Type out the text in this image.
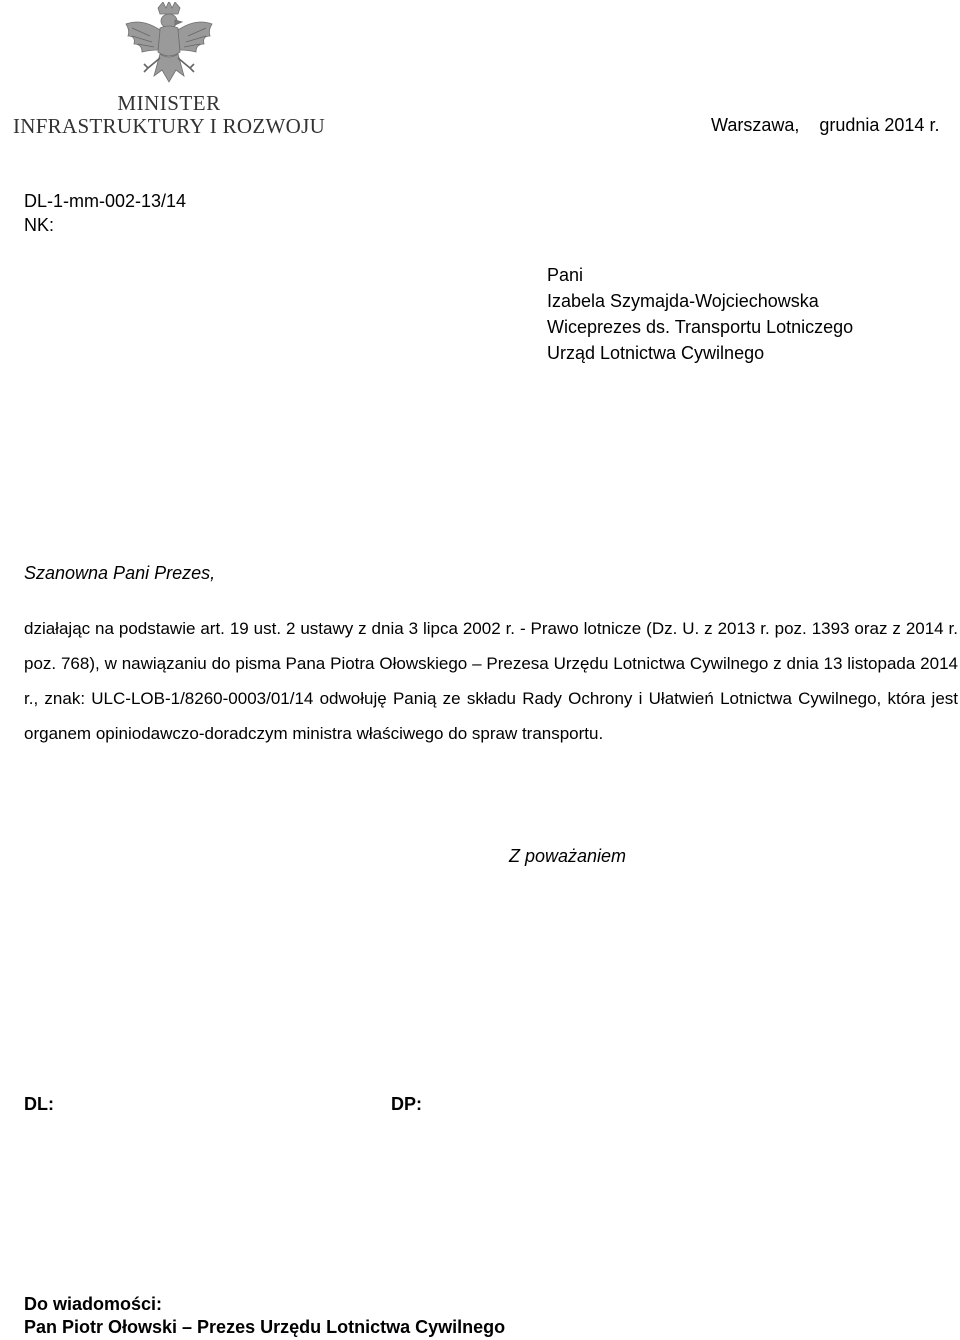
MINISTER
INFRASTRUKTURY I ROZWOJU	Warszawa,    grudnia 2014 r.
DL-1-mm-002-13/14
NK:
Pani
Izabela Szymajda-Wojciechowska
Wiceprezes ds. Transportu Lotniczego
Urząd Lotnictwa Cywilnego
Szanowna Pani Prezes,
działając na podstawie art. 19 ust. 2 ustawy z dnia 3 lipca 2002 r. - Prawo lotnicze (Dz. U. z 2013 r. poz. 1393 oraz z 2014 r. poz. 768), w nawiązaniu do pisma Pana Piotra Ołowskiego – Prezesa Urzędu Lotnictwa Cywilnego z dnia 13 listopada 2014 r., znak: ULC-LOB-1/8260-0003/01/14 odwołuję Panią ze składu Rady Ochrony i Ułatwień Lotnictwa Cywilnego, która jest organem opiniodawczo-doradczym ministra właściwego do spraw transportu.
Z poważaniem
DL:	DP:
Do wiadomości:
Pan Piotr Ołowski – Prezes Urzędu Lotnictwa Cywilnego
